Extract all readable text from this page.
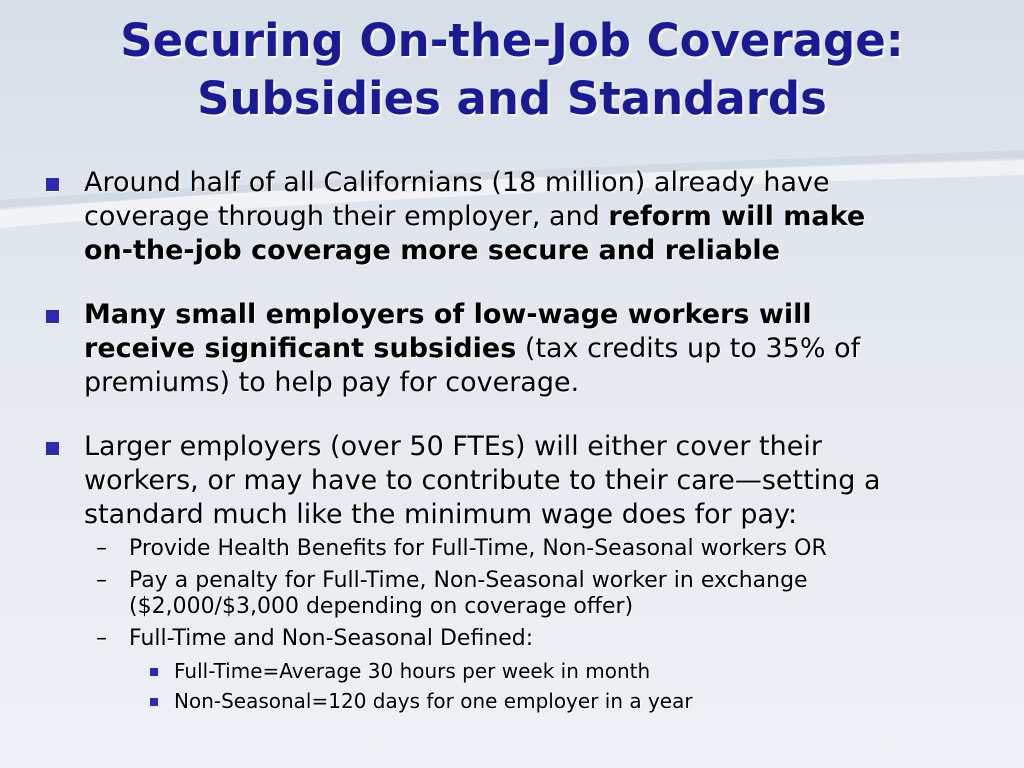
Securing On-the-Job Coverage:
Subsidies and Standards
Around half of all Californians (18 million) already have
coverage through their employer, and reform will make
on-the-job coverage more secure and reliable
Many small employers of low-wage workers will
receive significant subsidies (tax credits up to 35% of
premiums) to help pay for coverage.
Larger employers (over 50 FTEs) will either cover their
workers, or may have to contribute to their care—setting a
standard much like the minimum wage does for pay:
– Provide Health Benefits for Full-Time, Non-Seasonal workers OR
– Pay a penalty for Full-Time, Non-Seasonal worker in exchange
($2,000/$3,000 depending on coverage offer)
– Full-Time and Non-Seasonal Defined:
Full-Time=Average 30 hours per week in month
Non-Seasonal=120 days for one employer in a year
